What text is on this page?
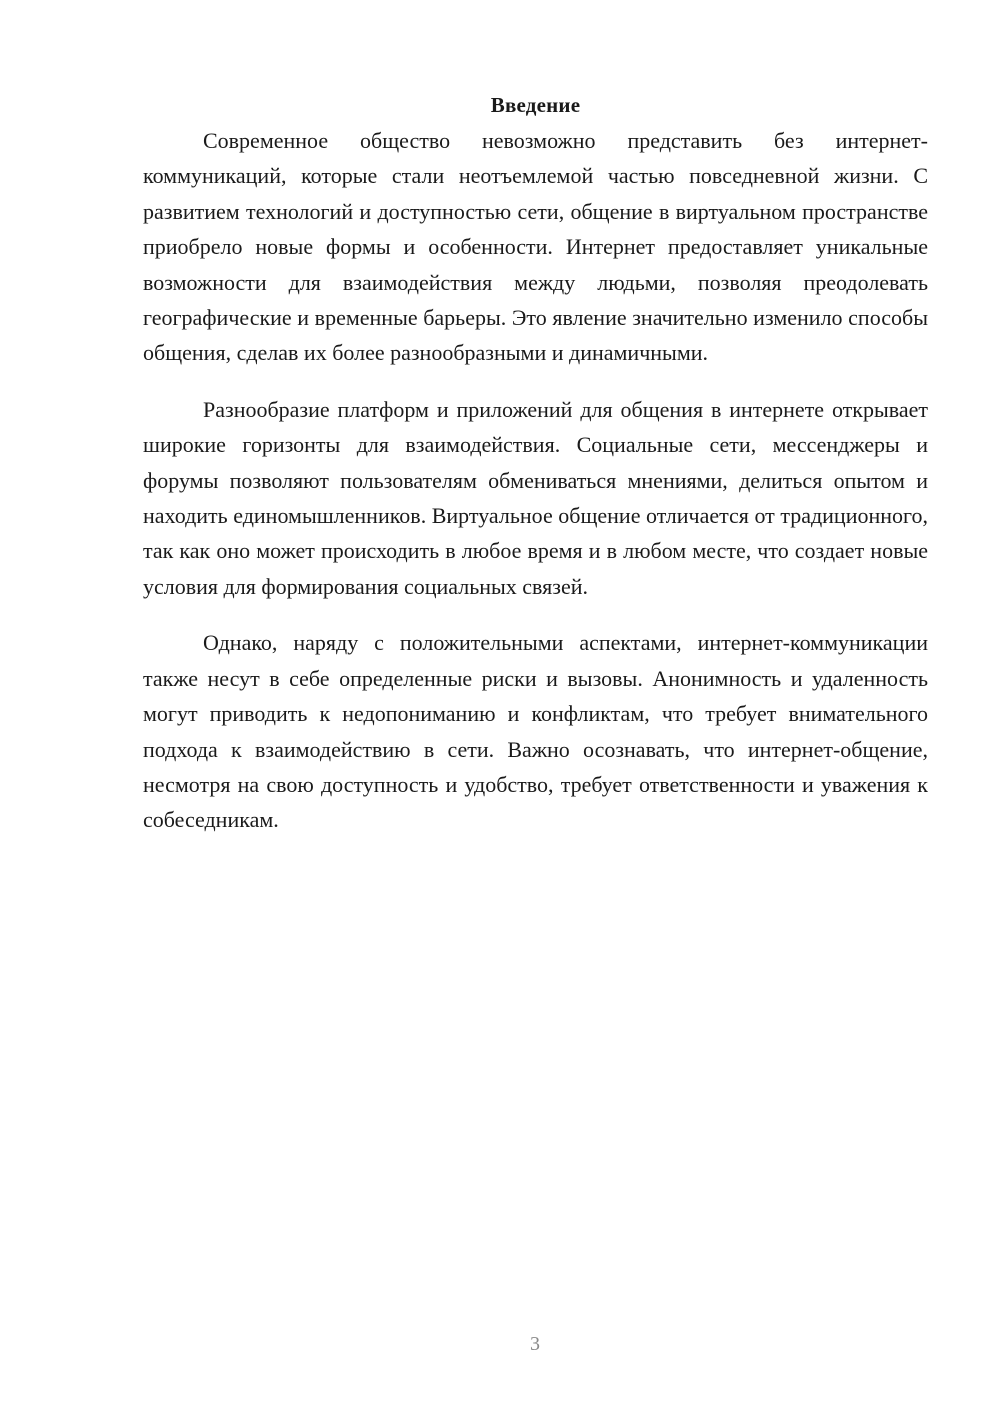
Введение

Современное общество невозможно представить без интернет-коммуникаций, которые стали неотъемлемой частью повседневной жизни. С развитием технологий и доступностью сети, общение в виртуальном пространстве приобрело новые формы и особенности. Интернет предоставляет уникальные возможности для взаимодействия между людьми, позволяя преодолевать географические и временные барьеры. Это явление значительно изменило способы общения, сделав их более разнообразными и динамичными.

Разнообразие платформ и приложений для общения в интернете открывает широкие горизонты для взаимодействия. Социальные сети, мессенджеры и форумы позволяют пользователям обмениваться мнениями, делиться опытом и находить единомышленников. Виртуальное общение отличается от традиционного, так как оно может происходить в любое время и в любом месте, что создает новые условия для формирования социальных связей.

Однако, наряду с положительными аспектами, интернет-коммуникации также несут в себе определенные риски и вызовы. Анонимность и удаленность могут приводить к недопониманию и конфликтам, что требует внимательного подхода к взаимодействию в сети. Важно осознавать, что интернет-общение, несмотря на свою доступность и удобство, требует ответственности и уважения к собеседникам.

3
